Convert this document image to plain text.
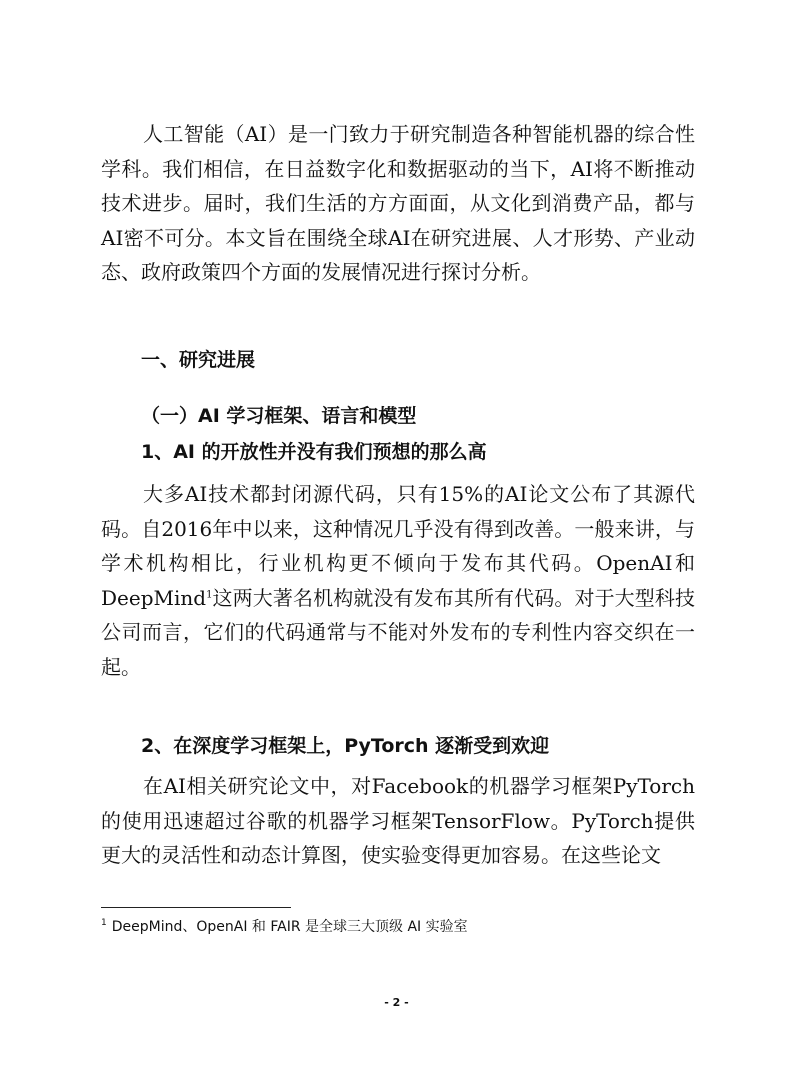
人工智能（AI）是一门致力于研究制造各种智能机器的综合性学科。我们相信，在日益数字化和数据驱动的当下，AI将不断推动技术进步。届时，我们生活的方方面面，从文化到消费产品，都与AI密不可分。本文旨在围绕全球AI在研究进展、人才形势、产业动态、政府政策四个方面的发展情况进行探讨分析。

一、研究进展
（一）AI 学习框架、语言和模型
1、AI 的开放性并没有我们预想的那么高

大多AI技术都封闭源代码，只有15%的AI论文公布了其源代码。自2016年中以来，这种情况几乎没有得到改善。一般来讲，与学术机构相比，行业机构更不倾向于发布其代码。OpenAI和DeepMind$^1$这两大著名机构就没有发布其所有代码。对于大型科技公司而言，它们的代码通常与不能对外发布的专利性内容交织在一起。

2、在深度学习框架上，PyTorch 逐渐受到欢迎

在AI相关研究论文中，对Facebook的机器学习框架PyTorch的使用迅速超过谷歌的机器学习框架TensorFlow。PyTorch提供更大的灵活性和动态计算图，使实验变得更加容易。在这些论文

$^1$ DeepMind、OpenAI 和 FAIR 是全球三大顶级 AI 实验室

- 2 -
